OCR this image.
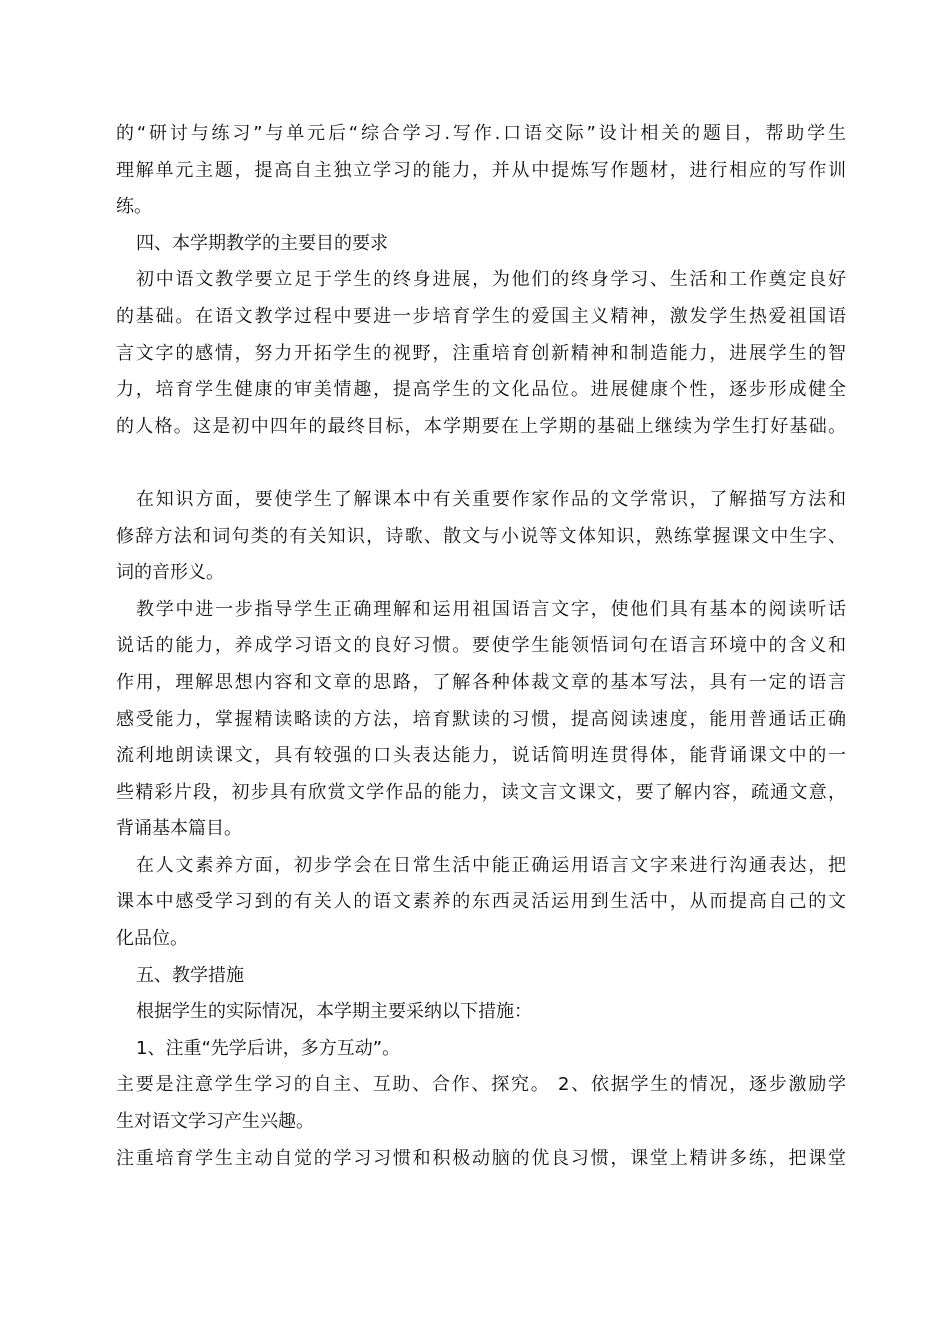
的“研讨与练习”与单元后“综合学习.写作.口语交际”设计相关的题目，帮助学生
理解单元主题，提高自主独立学习的能力，并从中提炼写作题材，进行相应的写作训
练。
四、本学期教学的主要目的要求
初中语文教学要立足于学生的终身进展，为他们的终身学习、生活和工作奠定良好
的基础。在语文教学过程中要进一步培育学生的爱国主义精神，激发学生热爱祖国语
言文字的感情，努力开拓学生的视野，注重培育创新精神和制造能力，进展学生的智
力，培育学生健康的审美情趣，提高学生的文化品位。进展健康个性，逐步形成健全
的人格。这是初中四年的最终目标，本学期要在上学期的基础上继续为学生打好基础。
在知识方面，要使学生了解课本中有关重要作家作品的文学常识，了解描写方法和
修辞方法和词句类的有关知识，诗歌、散文与小说等文体知识，熟练掌握课文中生字、
词的音形义。
教学中进一步指导学生正确理解和运用祖国语言文字，使他们具有基本的阅读听话
说话的能力，养成学习语文的良好习惯。要使学生能领悟词句在语言环境中的含义和
作用，理解思想内容和文章的思路，了解各种体裁文章的基本写法，具有一定的语言
感受能力，掌握精读略读的方法，培育默读的习惯，提高阅读速度，能用普通话正确
流利地朗读课文，具有较强的口头表达能力，说话简明连贯得体，能背诵课文中的一
些精彩片段，初步具有欣赏文学作品的能力，读文言文课文，要了解内容，疏通文意，
背诵基本篇目。
在人文素养方面，初步学会在日常生活中能正确运用语言文字来进行沟通表达，把
课本中感受学习到的有关人的语文素养的东西灵活运用到生活中，从而提高自己的文
化品位。
五、教学措施
根据学生的实际情况，本学期主要采纳以下措施：
1、注重“先学后讲，多方互动”。
主要是注意学生学习的自主、互助、合作、探究。 2、依据学生的情况，逐步激励学
生对语文学习产生兴趣。
注重培育学生主动自觉的学习习惯和积极动脑的优良习惯，课堂上精讲多练，把课堂
